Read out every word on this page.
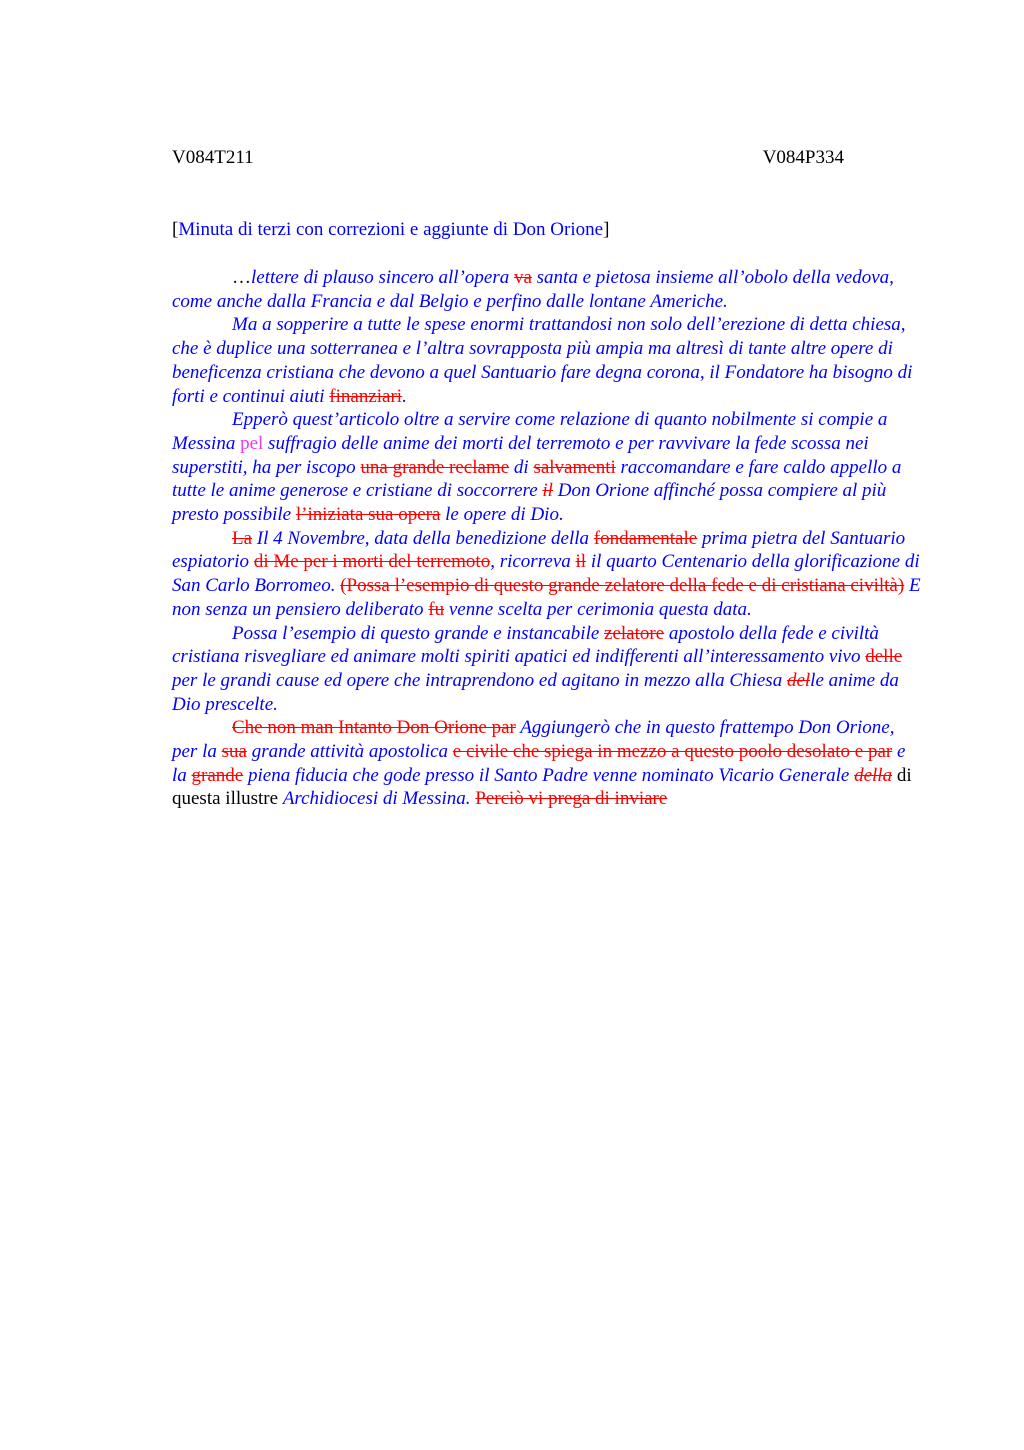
V084T211	V084P334
[Minuta di terzi con correzioni e aggiunte di Don Orione]

…lettere di plauso sincero all’opera va santa e pietosa insieme all’obolo della vedova, come anche dalla Francia e dal Belgio e perfino dalle lontane Americhe.

Ma a sopperire a tutte le spese enormi trattandosi non solo dell’erezione di detta chiesa, che è duplice una sotterranea e l’altra sovrapposta più ampia ma altresì di tante altre opere di beneficenza cristiana che devono a quel Santuario fare degna corona, il Fondatore ha bisogno di forti e continui aiuti finanziari.

Epperò quest’articolo oltre a servire come relazione di quanto nobilmente si compie a Messina pel suffragio delle anime dei morti del terremoto e per ravvivare la fede scossa nei superstiti, ha per iscopo una grande reclame di salvamenti raccomandare e fare caldo appello a tutte le anime generose e cristiane di soccorrere il Don Orione affinché possa compiere al più presto possibile l’iniziata sua opera le opere di Dio.

La Il 4 Novembre, data della benedizione della fondamentale prima pietra del Santuario espiatorio di Me per i morti del terremoto, ricorreva il il quarto Centenario della glorificazione di San Carlo Borromeo. (Possa l’esempio di questo grande zelatore della fede e di cristiana civiltà) E non senza un pensiero deliberato fu venne scelta per cerimonia questa data.

Possa l’esempio di questo grande e instancabile zelatore apostolo della fede e civiltà cristiana risvegliare ed animare molti spiriti apatici ed indifferenti all’interessamento vivo delle per le grandi cause ed opere che intraprendono ed agitano in mezzo alla Chiesa delle anime da Dio prescelte.

Che non man Intanto Don Orione par Aggiungerò che in questo frattempo Don Orione, per la sua grande attività apostolica e civile che spiega in mezzo a questo poolo desolato e par e la grande piena fiducia che gode presso il Santo Padre venne nominato Vicario Generale della di questa illustre Archidiocesi di Messina. Perciò vi prega di inviare
